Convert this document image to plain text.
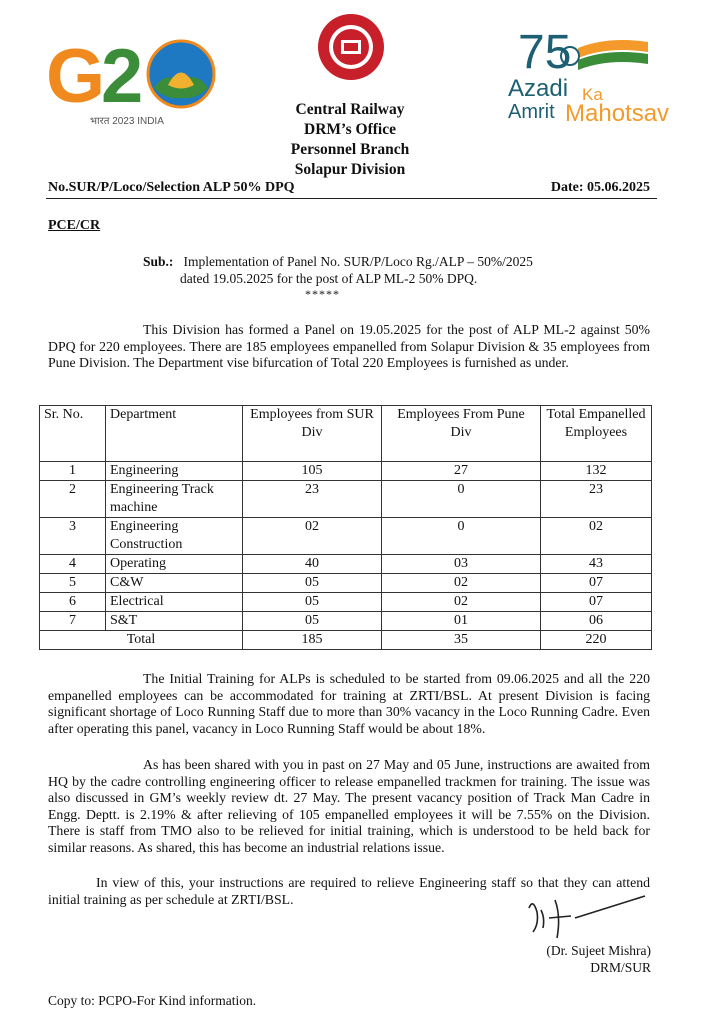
G
2
भारत 2023 INDIA
75
Azadi Ka
Amrit Mahotsav
Central Railway
DRM’s Office
Personnel Branch
Solapur Division
No.SUR/P/Loco/Selection ALP 50% DPQ	Date: 05.06.2025
PCE/CR
Sub.: Implementation of Panel No. SUR/P/Loco Rg./ALP – 50%/2025
dated 19.05.2025 for the post of ALP ML-2 50% DPQ.
*****
This Division has formed a Panel on 19.05.2025 for the post of ALP ML-2 against 50% DPQ for 220 employees. There are 185 employees empanelled from Solapur Division & 35 employees from Pune Division. The Department vise bifurcation of Total 220 Employees is furnished as under.
Sr. No.	Department	Employees from SUR Div	Employees From Pune Div	Total Empanelled Employees
1	Engineering	105	27	132
2	Engineering Track machine	23	0	23
3	Engineering Construction	02	0	02
4	Operating	40	03	43
5	C&W	05	02	07
6	Electrical	05	02	07
7	S&T	05	01	06
Total		185	35	220
The Initial Training for ALPs is scheduled to be started from 09.06.2025 and all the 220 empanelled employees can be accommodated for training at ZRTI/BSL. At present Division is facing significant shortage of Loco Running Staff due to more than 30% vacancy in the Loco Running Cadre. Even after operating this panel, vacancy in Loco Running Staff would be about 18%.
As has been shared with you in past on 27 May and 05 June, instructions are awaited from HQ by the cadre controlling engineering officer to release empanelled trackmen for training. The issue was also discussed in GM’s weekly review dt. 27 May. The present vacancy position of Track Man Cadre in Engg. Deptt. is 2.19% & after relieving of 105 empanelled employees it will be 7.55% on the Division. There is staff from TMO also to be relieved for initial training, which is understood to be held back for similar reasons. As shared, this has become an industrial relations issue.
In view of this, your instructions are required to relieve Engineering staff so that they can attend initial training as per schedule at ZRTI/BSL.
(Dr. Sujeet Mishra)
DRM/SUR
Copy to: PCPO-For Kind information.
